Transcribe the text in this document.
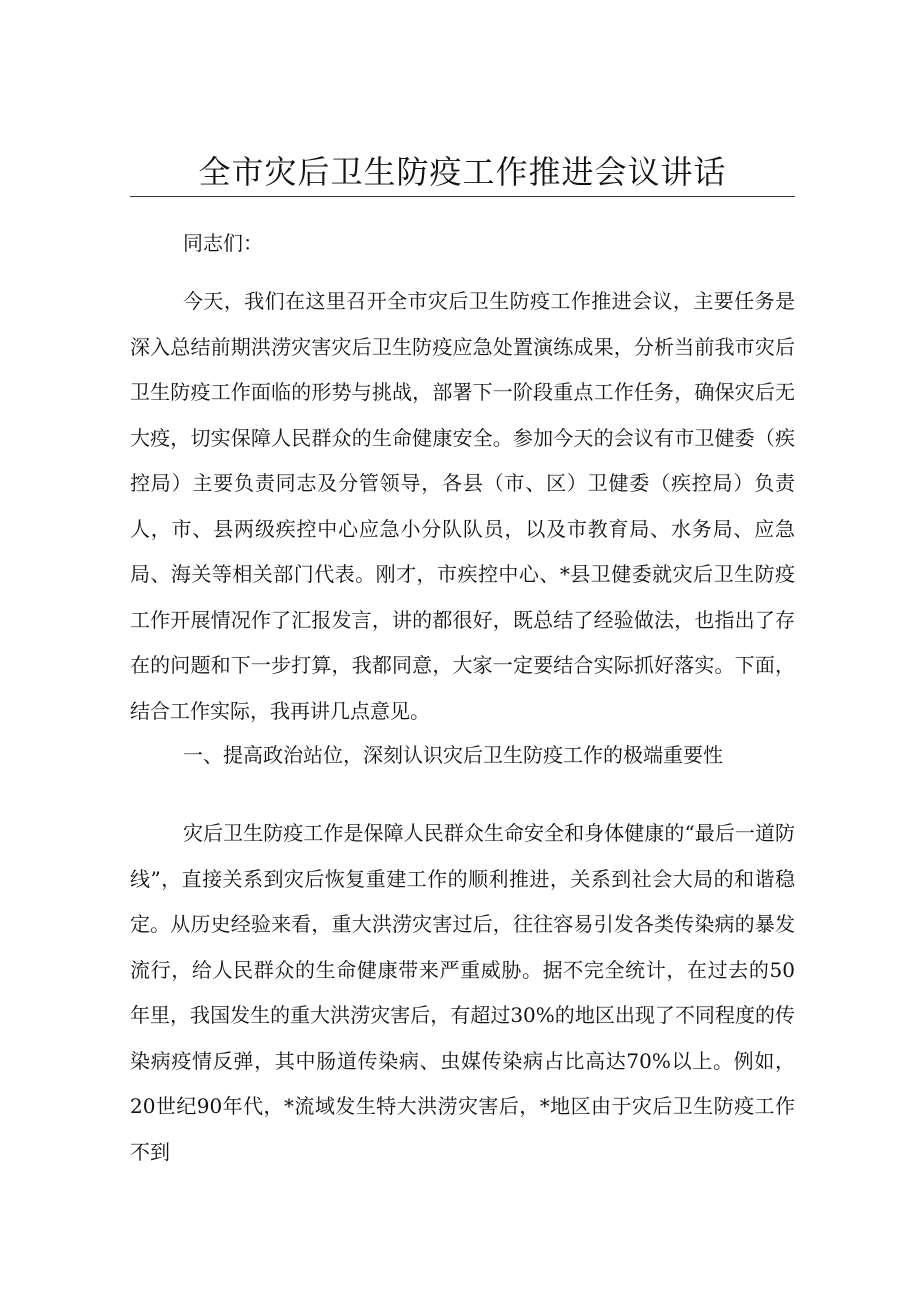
全市灾后卫生防疫工作推进会议讲话

同志们：

今天，我们在这里召开全市灾后卫生防疫工作推进会议，主要任务是深入总结前期洪涝灾害灾后卫生防疫应急处置演练成果，分析当前我市灾后卫生防疫工作面临的形势与挑战，部署下一阶段重点工作任务，确保灾后无大疫，切实保障人民群众的生命健康安全。参加今天的会议有市卫健委（疾控局）主要负责同志及分管领导，各县（市、区）卫健委（疾控局）负责人，市、县两级疾控中心应急小分队队员，以及市教育局、水务局、应急局、海关等相关部门代表。刚才，市疾控中心、*县卫健委就灾后卫生防疫工作开展情况作了汇报发言，讲的都很好，既总结了经验做法，也指出了存在的问题和下一步打算，我都同意，大家一定要结合实际抓好落实。下面，结合工作实际，我再讲几点意见。

一、提高政治站位，深刻认识灾后卫生防疫工作的极端重要性

灾后卫生防疫工作是保障人民群众生命安全和身体健康的“最后一道防线”，直接关系到灾后恢复重建工作的顺利推进，关系到社会大局的和谐稳定。从历史经验来看，重大洪涝灾害过后，往往容易引发各类传染病的暴发流行，给人民群众的生命健康带来严重威胁。据不完全统计，在过去的50年里，我国发生的重大洪涝灾害后，有超过30%的地区出现了不同程度的传染病疫情反弹，其中肠道传染病、虫媒传染病占比高达70%以上。例如，20世纪90年代，*流域发生特大洪涝灾害后，*地区由于灾后卫生防疫工作不到
